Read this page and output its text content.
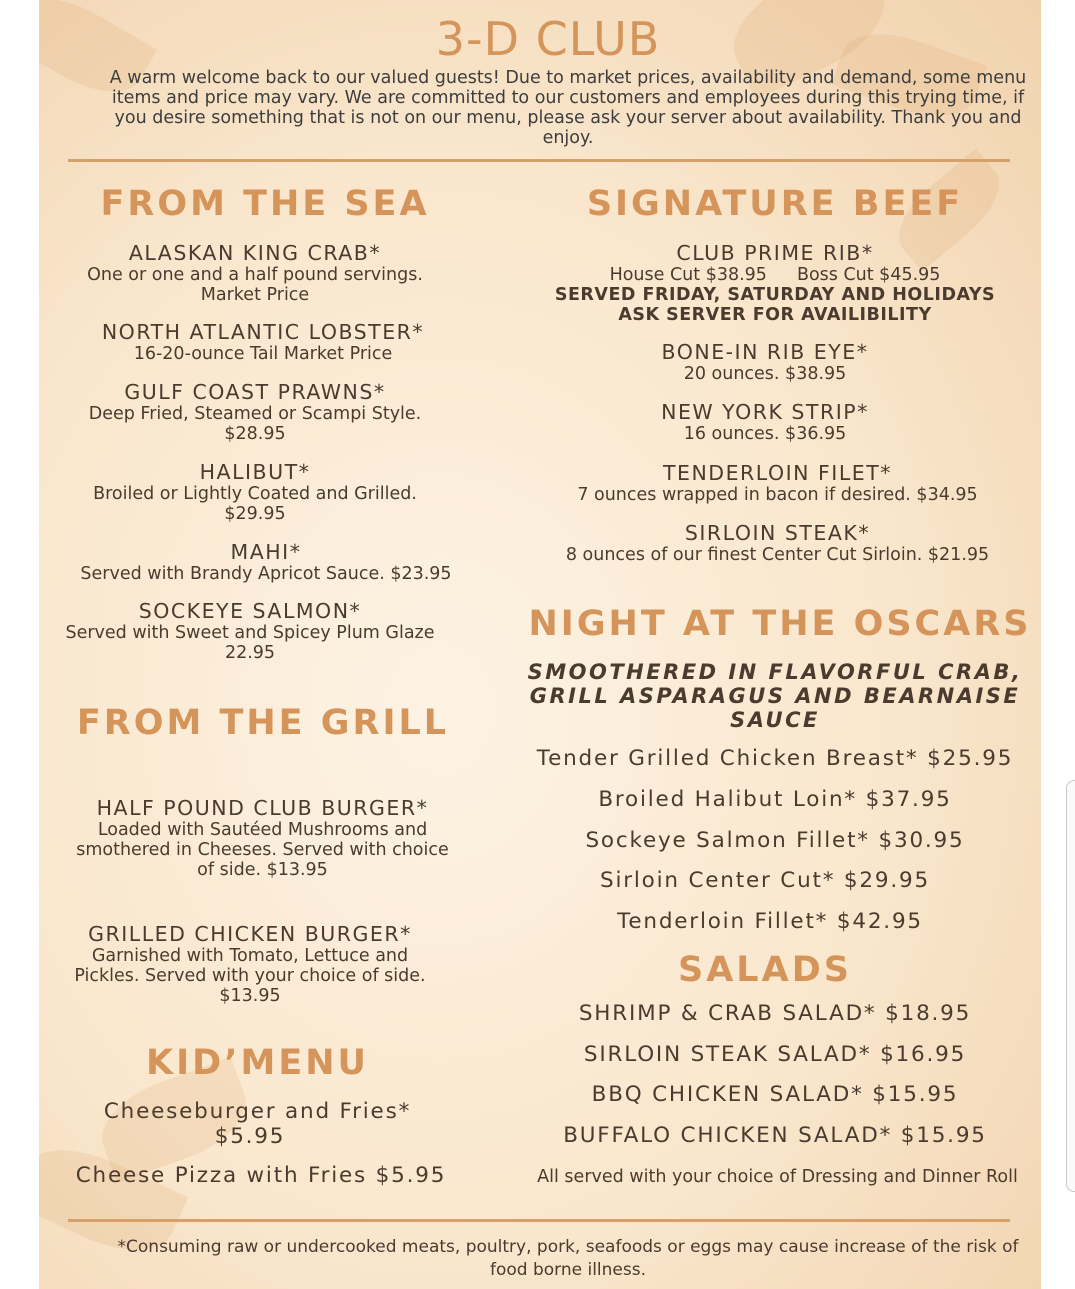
3-D CLUB
A warm welcome back to our valued guests! Due to market prices, availability and demand, some menu
items and price may vary. We are committed to our customers and employees during this trying time, if
you desire something that is not on our menu, please ask your server about availability. Thank you and
enjoy.
FROM THE SEA
ALASKAN KING CRAB*
One or one and a half pound servings.
Market Price
NORTH ATLANTIC LOBSTER*
16-20-ounce Tail Market Price
GULF COAST PRAWNS*
Deep Fried, Steamed or Scampi Style.
$28.95
HALIBUT*
Broiled or Lightly Coated and Grilled.
$29.95
MAHI*
Served with Brandy Apricot Sauce. $23.95
SOCKEYE SALMON*
Served with Sweet and Spicey Plum Glaze
22.95
FROM THE GRILL
HALF POUND CLUB BURGER*
Loaded with Sautéed Mushrooms and
smothered in Cheeses. Served with choice
of side. $13.95
GRILLED CHICKEN BURGER*
Garnished with Tomato, Lettuce and
Pickles. Served with your choice of side.
$13.95
KID’MENU
Cheeseburger and Fries*
$5.95
Cheese Pizza with Fries $5.95
SIGNATURE BEEF
CLUB PRIME RIB*
House Cut $38.95 Boss Cut $45.95
SERVED FRIDAY, SATURDAY AND HOLIDAYS
ASK SERVER FOR AVAILIBILITY
BONE-IN RIB EYE*
20 ounces. $38.95
NEW YORK STRIP*
16 ounces. $36.95
TENDERLOIN FILET*
7 ounces wrapped in bacon if desired. $34.95
SIRLOIN STEAK*
8 ounces of our finest Center Cut Sirloin. $21.95
NIGHT AT THE OSCARS
SMOOTHERED IN FLAVORFUL CRAB,
GRILL ASPARAGUS AND BEARNAISE
SAUCE
Tender Grilled Chicken Breast* $25.95
Broiled Halibut Loin* $37.95
Sockeye Salmon Fillet* $30.95
Sirloin Center Cut* $29.95
Tenderloin Fillet* $42.95
SALADS
SHRIMP & CRAB SALAD* $18.95
SIRLOIN STEAK SALAD* $16.95
BBQ CHICKEN SALAD* $15.95
BUFFALO CHICKEN SALAD* $15.95
All served with your choice of Dressing and Dinner Roll
*Consuming raw or undercooked meats, poultry, pork, seafoods or eggs may cause increase of the risk of
food borne illness.
